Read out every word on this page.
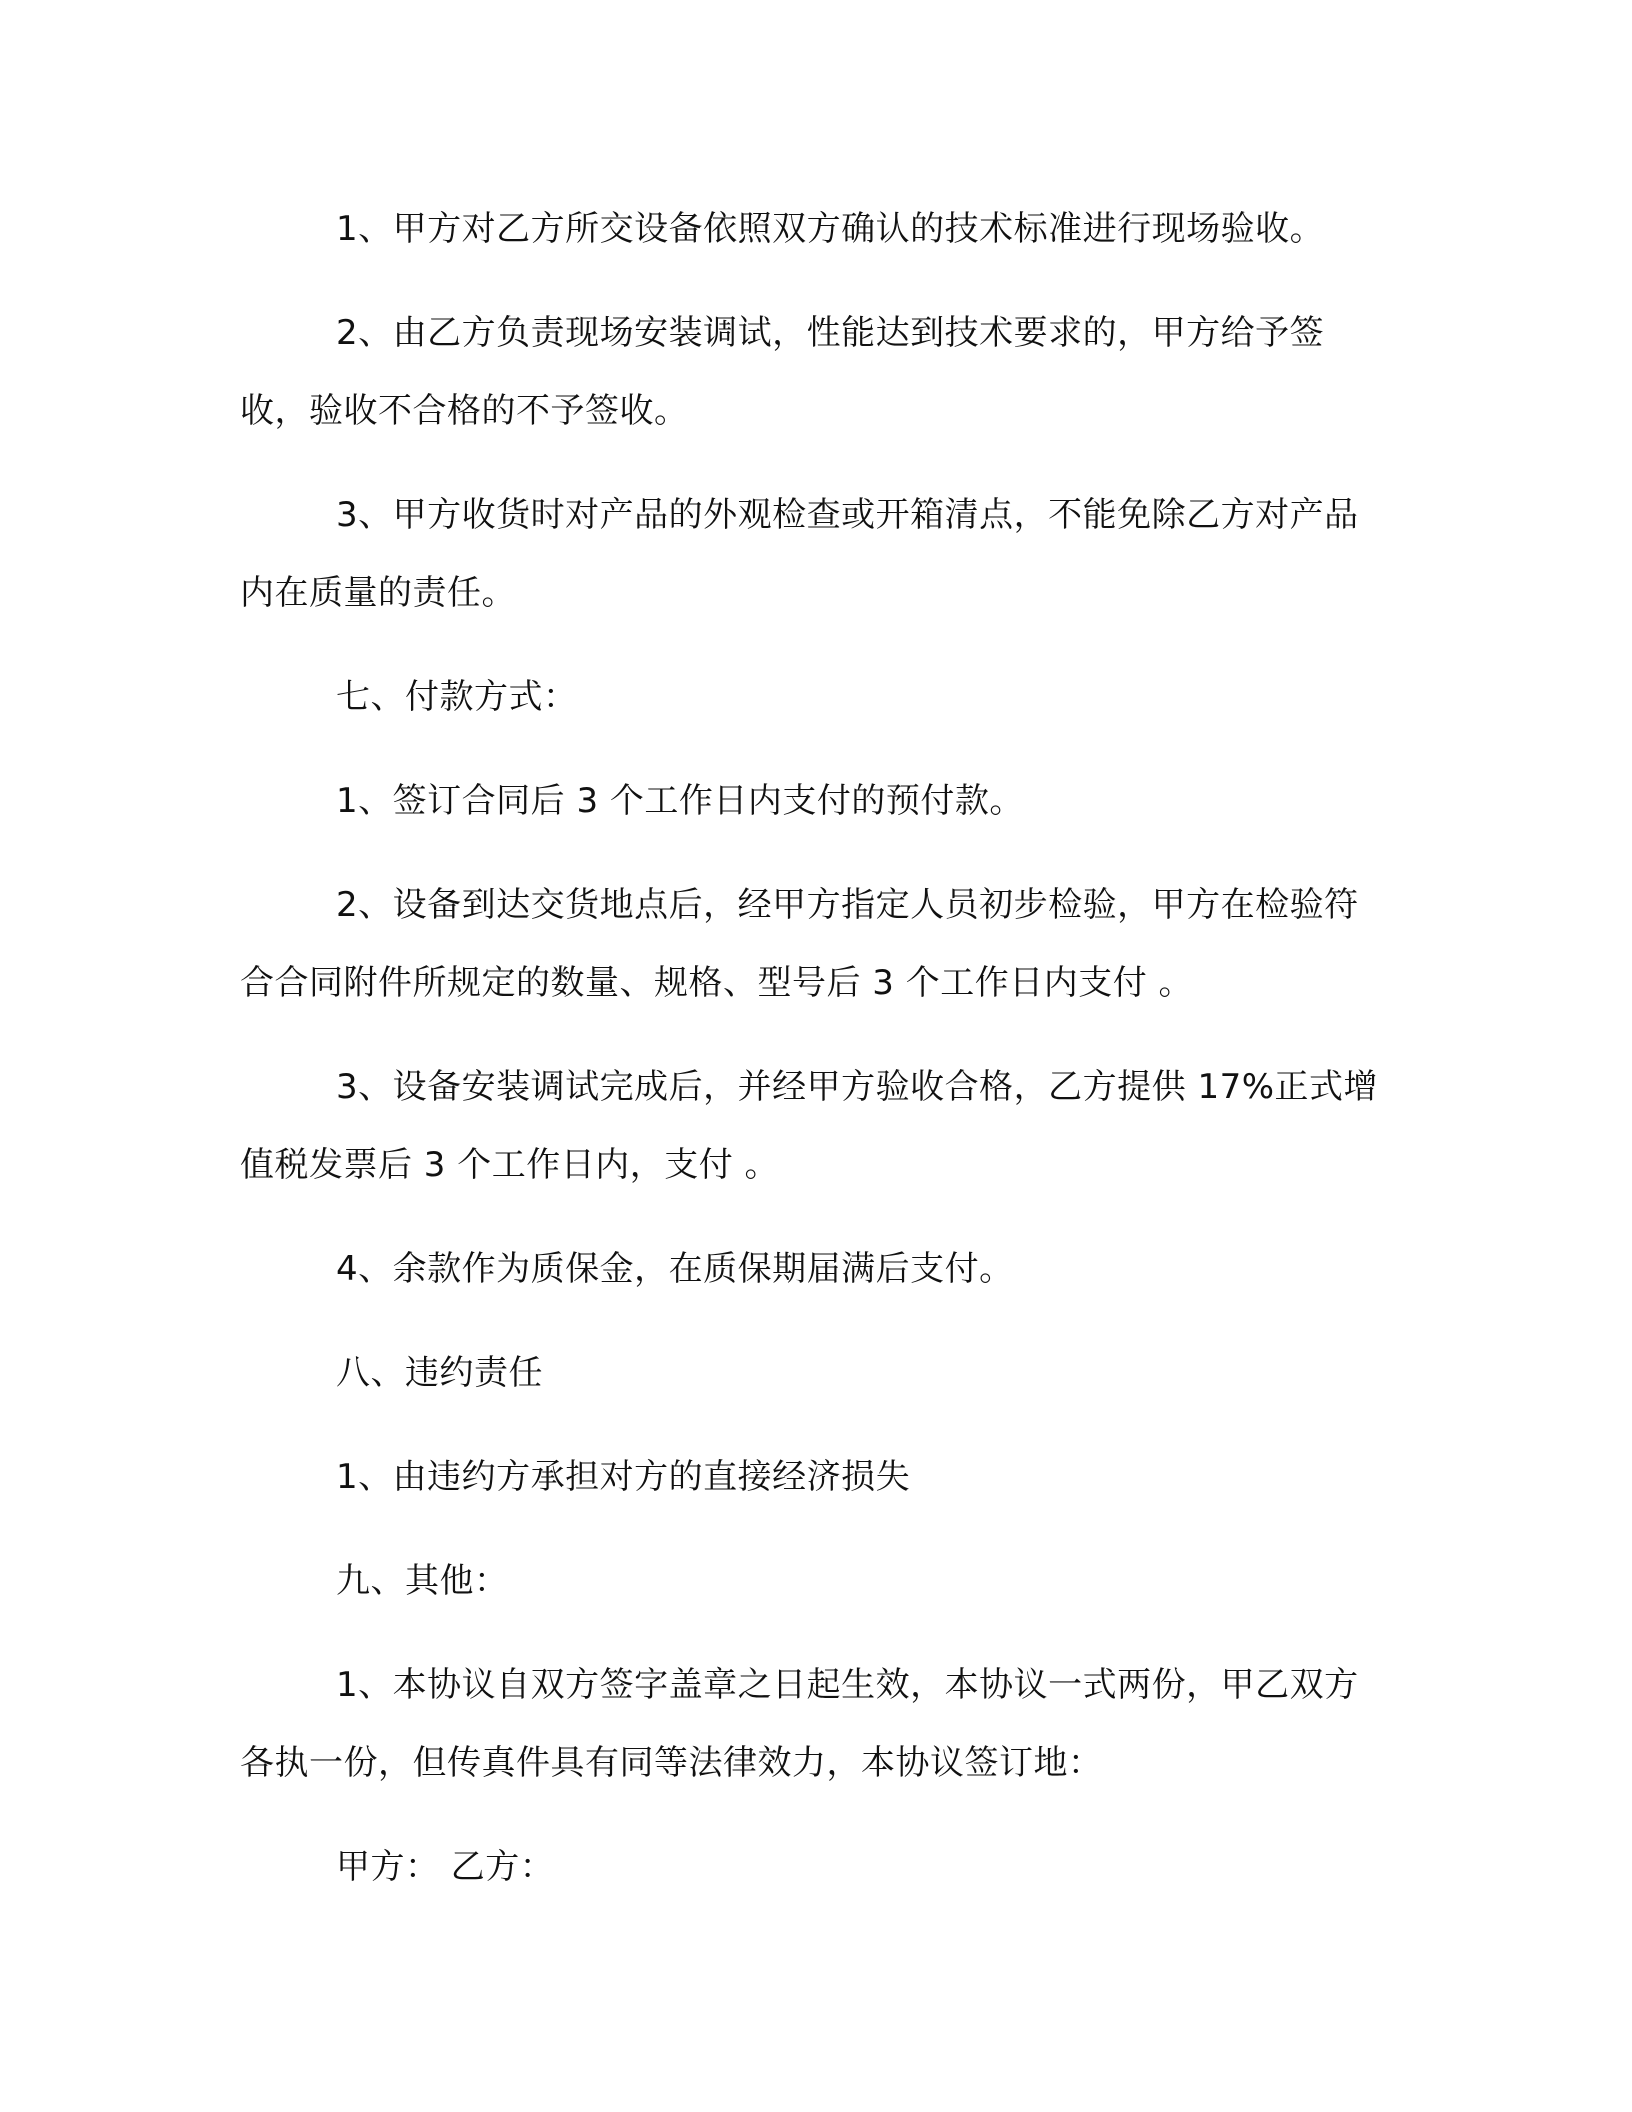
1、甲方对乙方所交设备依照双方确认的技术标准进行现场验收。

2、由乙方负责现场安装调试，性能达到技术要求的，甲方给予签收，验收不合格的不予签收。

3、甲方收货时对产品的外观检查或开箱清点，不能免除乙方对产品内在质量的责任。

七、付款方式：

1、签订合同后 3 个工作日内支付的预付款。

2、设备到达交货地点后，经甲方指定人员初步检验，甲方在检验符合合同附件所规定的数量、规格、型号后 3 个工作日内支付 。

3、设备安装调试完成后，并经甲方验收合格，乙方提供 17%正式增值税发票后 3 个工作日内，支付 。

4、余款作为质保金，在质保期届满后支付。

八、违约责任

1、由违约方承担对方的直接经济损失

九、其他：

1、本协议自双方签字盖章之日起生效，本协议一式两份，甲乙双方各执一份，但传真件具有同等法律效力，本协议签订地：

甲方： 乙方：
